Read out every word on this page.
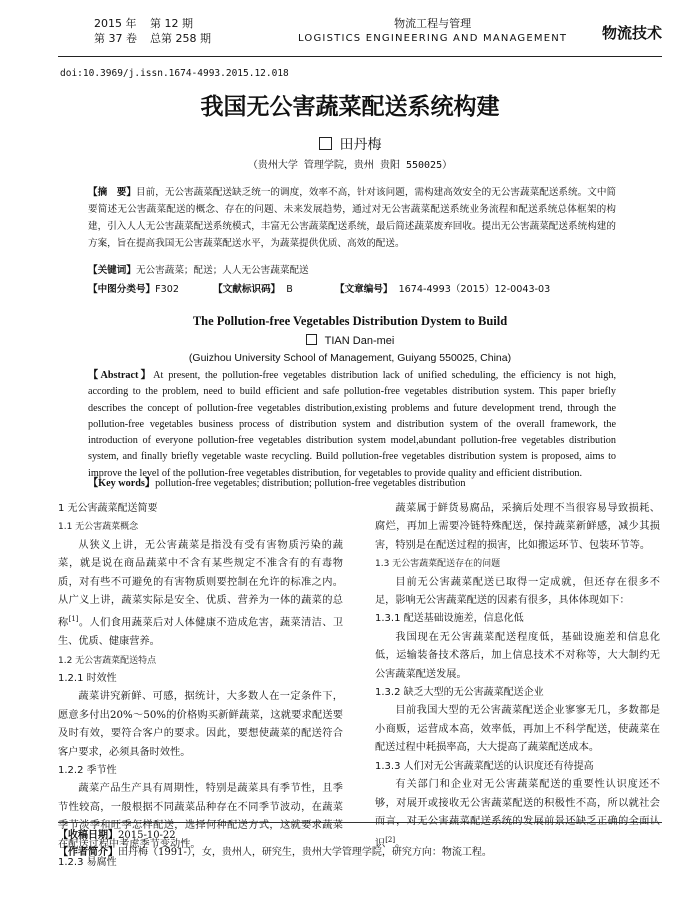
2015 年 第 12 期
第 37 卷 总第 258 期
物流工程与管理
LOGISTICS ENGINEERING AND MANAGEMENT 物流技术
doi:10.3969/j.issn.1674-4993.2015.12.018
我国无公害蔬菜配送系统构建
田丹梅
（贵州大学 管理学院，贵州 贵阳 550025）
【摘　要】目前，无公害蔬菜配送缺乏统一的调度，效率不高，针对该问题，需构建高效安全的无公害蔬菜配送系统。文中简要简述无公害蔬菜配送的概念、存在的问题、未来发展趋势，通过对无公害蔬菜配送系统业务流程和配送系统总体框架的构建，引入人人无公害蔬菜配送系统模式，丰富无公害蔬菜配送系统，最后简述蔬菜废弃回收。提出无公害蔬菜配送系统构建的方案，旨在提高我国无公害蔬菜配送水平，为蔬菜提供优质、高效的配送。
【关键词】无公害蔬菜；配送；人人无公害蔬菜配送
【中图分类号】F302	【文献标识码】 B	【文章编号】 1674-4993（2015）12-0043-03
The Pollution-free Vegetables Distribution Dystem to Build
TIAN Dan-mei
(Guizhou University School of Management, Guiyang 550025, China)
【Abstract】At present, the pollution-free vegetables distribution lack of unified scheduling, the efficiency is not high, according to the problem, need to build efficient and safe pollution-free vegetables distribution system. This paper briefly describes the concept of pollution-free vegetables distribution,existing problems and future development trend, through the pollution-free vegetables business process of distribution system and distribution system of the overall framework, the introduction of everyone pollution-free vegetables distribution system model,abundant pollution-free vegetables distribution system, and finally briefly vegetable waste recycling. Build pollution-free vegetables distribution system is proposed, aims to improve the level of the pollution-free vegetables distribution, for vegetables to provide quality and efficient distribution.
【Key words】pollution-free vegetables; distribution; pollution-free vegetables distribution
1 无公害蔬菜配送简要
1.1 无公害蔬菜概念

从狭义上讲，无公害蔬菜是指没有受有害物质污染的蔬菜，就是说在商品蔬菜中不含有某些规定不准含有的有毒物质，对有些不可避免的有害物质则要控制在允许的标准之内。从广义上讲，蔬菜实际是安全、优质、营养为一体的蔬菜的总称[1]。人们食用蔬菜后对人体健康不造成危害，蔬菜清洁、卫生、优质、健康营养。

1.2 无公害蔬菜配送特点
1.2.1 时效性

蔬菜讲究新鲜、可感，据统计，大多数人在一定条件下，愿意多付出20%～50%的价格购买新鲜蔬菜，这就要求配送要及时有效，要符合客户的要求。因此，要想使蔬菜的配送符合客户要求，必须具备时效性。

1.2.2 季节性

蔬菜产品生产具有周期性，特别是蔬菜具有季节性，且季节性较高，一般根据不同蔬菜品种存在不同季节波动，在蔬菜季节淡季和旺季怎样配送，选择何种配送方式，这就要求蔬菜在配送过程中考虑季节变动性。

1.2.3 易腐性

蔬菜属于鲜货易腐品，采摘后处理不当很容易导致损耗、腐烂，再加上需要冷链特殊配送，保持蔬菜新鲜感，减少其损害，特别是在配送过程的损害，比如搬运环节、包装环节等。

1.3 无公害蔬菜配送存在的问题

目前无公害蔬菜配送已取得一定成就，但还存在很多不足，影响无公害蔬菜配送的因素有很多，具体体现如下：

1.3.1 配送基础设施差，信息化低

我国现在无公害蔬菜配送程度低，基础设施差和信息化低，运输装备技术落后，加上信息技术不对称等，大大制约无公害蔬菜配送发展。

1.3.2 缺乏大型的无公害蔬菜配送企业

目前我国大型的无公害蔬菜配送企业寥寥无几，多数都是小商贩，运营成本高，效率低，再加上不科学配送，使蔬菜在配送过程中耗损率高，大大提高了蔬菜配送成本。

1.3.3 人们对无公害蔬菜配送的认识度还有待提高

有关部门和企业对无公害蔬菜配送的重要性认识度还不够，对展开或接收无公害蔬菜配送的积极性不高，所以就社会而言，对无公害蔬菜配送系统的发展前景还缺乏正确的全面认识[2]。

【收稿日期】2015-10-22
【作者简介】田丹梅（1991-），女，贵州人，研究生，贵州大学管理学院，研究方向：物流工程。
